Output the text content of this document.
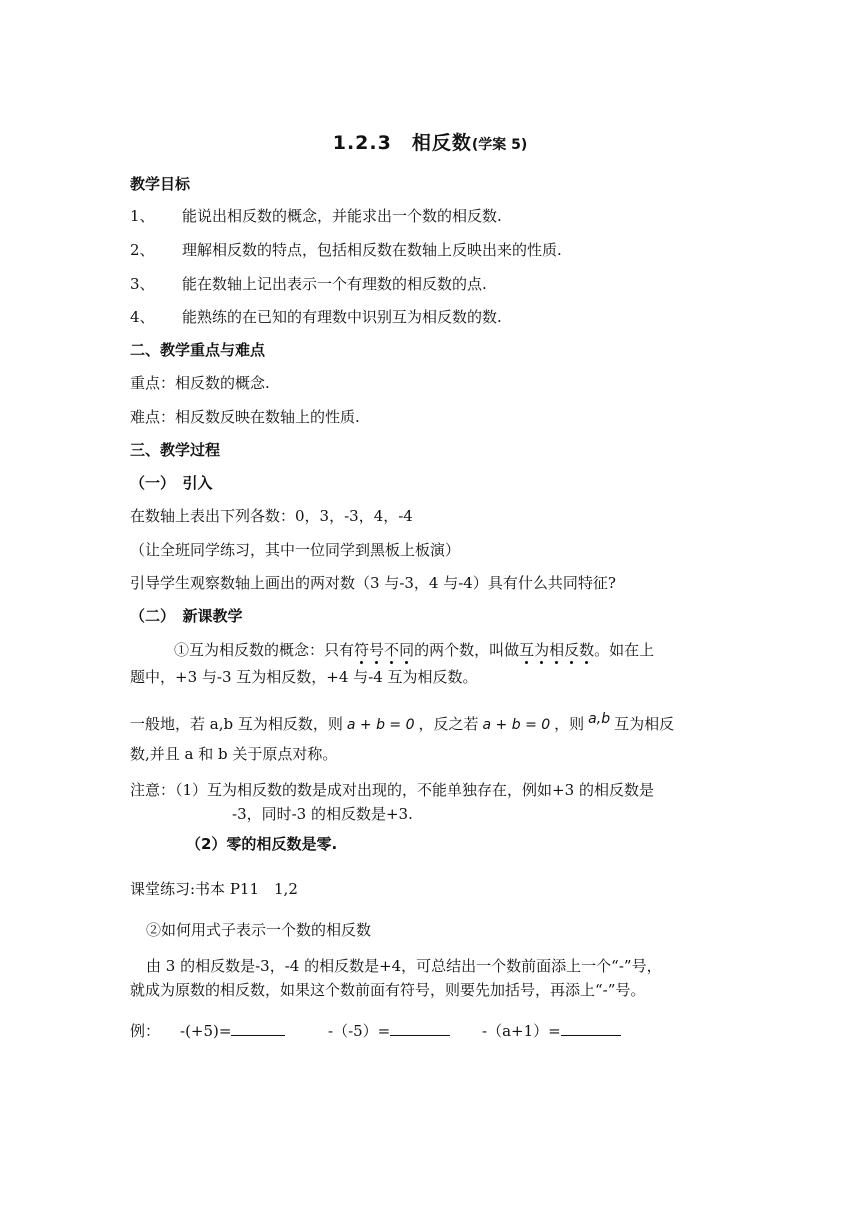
1.2.3　相反数(学案 5)
教学目标
1、 能说出相反数的概念，并能求出一个数的相反数.
2、 理解相反数的特点，包括相反数在数轴上反映出来的性质.
3、 能在数轴上记出表示一个有理数的相反数的点.
4、 能熟练的在已知的有理数中识别互为相反数的数.
二、教学重点与难点
重点：相反数的概念.
难点：相反数反映在数轴上的性质.
三、教学过程
（一）　引入
在数轴上表出下列各数：0，3，-3，4，-4
（让全班同学练习，其中一位同学到黑板上板演）
引导学生观察数轴上画出的两对数（3 与-3，4 与-4）具有什么共同特征?
（二）　新课教学
①互为相反数的概念：只有符号不同的两个数，叫做互为相反数。如在上
题中，+3 与-3 互为相反数，+4 与-4 互为相反数。
一般地，若 a,b 互为相反数，则 a + b = 0 ，反之若 a + b = 0 ，则 a,b 互为相反
数,并且 a 和 b 关于原点对称。
注意：（1）互为相反数的数是成对出现的，不能单独存在，例如+3 的相反数是
-3，同时-3 的相反数是+3.
（2）零的相反数是零.
课堂练习:书本 P11　1,2
②如何用式子表示一个数的相反数
由 3 的相反数是-3，-4 的相反数是+4，可总结出一个数前面添上一个“-”号，
就成为原数的相反数，如果这个数前面有符号，则要先加括号，再添上“-”号。
例： -(+5)=	-（-5）=	-（a+1）=
